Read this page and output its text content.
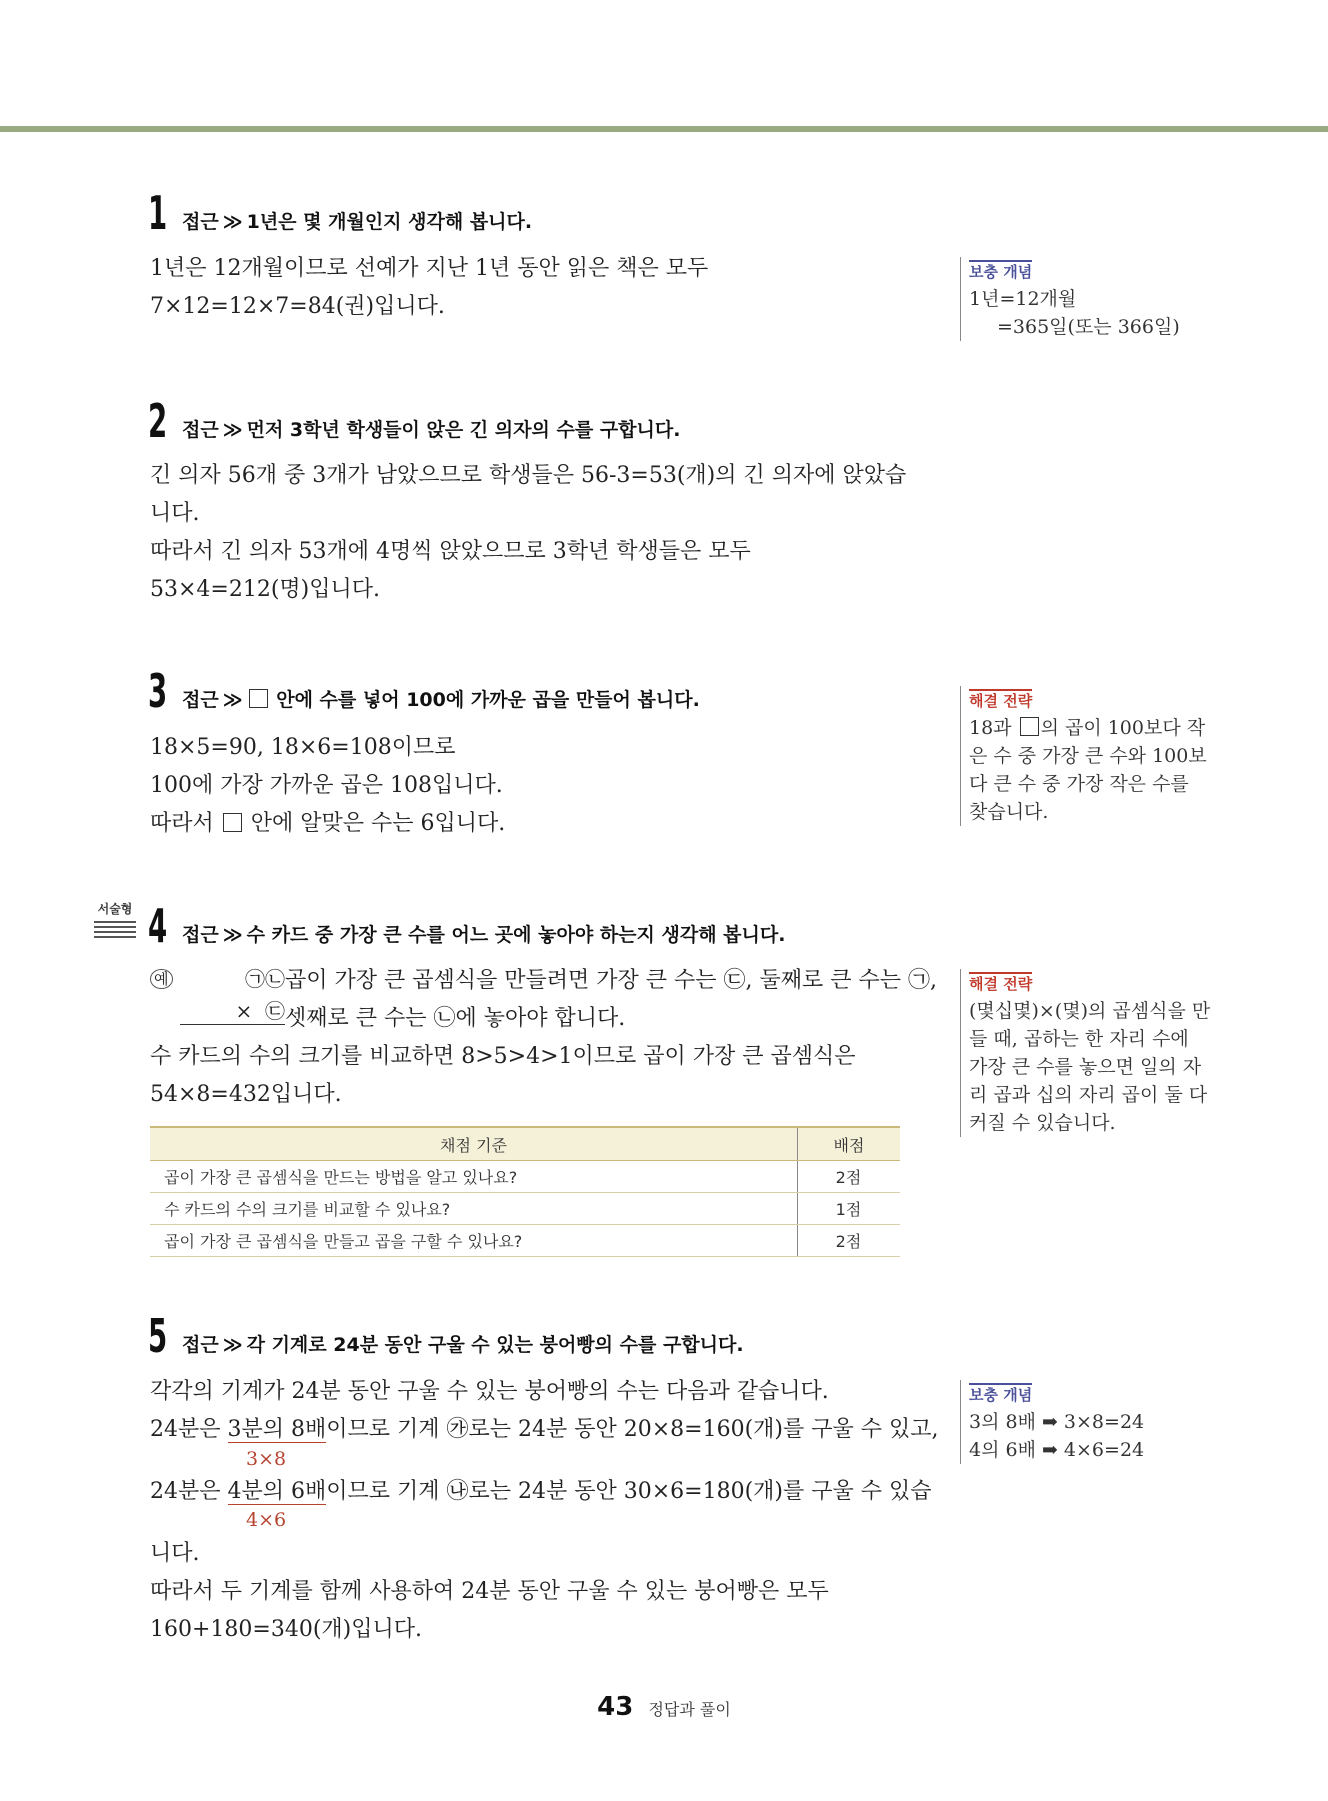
1 접근 ≫ 1년은 몇 개월인지 생각해 봅니다.
1년은 12개월이므로 선예가 지난 1년 동안 읽은 책은 모두
7×12=12×7=84(권)입니다.
보충 개념
1년=12개월
=365일(또는 366일)
2 접근 ≫ 먼저 3학년 학생들이 앉은 긴 의자의 수를 구합니다.
긴 의자 56개 중 3개가 남았으므로 학생들은 56-3=53(개)의 긴 의자에 앉았습
니다.
따라서 긴 의자 53개에 4명씩 앉았으므로 3학년 학생들은 모두
53×4=212(명)입니다.
3 접근 ≫ 안에 수를 넣어 100에 가까운 곱을 만들어 봅니다.
18×5=90, 18×6=108이므로
100에 가장 가까운 곱은 108입니다.
따라서 안에 알맞은 수는 6입니다.
해결 전략
18과 의 곱이 100보다 작
은 수 중 가장 큰 수와 100보
다 큰 수 중 가장 작은 수를
찾습니다.
서술형 4 접근 ≫ 수 카드 중 가장 큰 수를 어느 곳에 놓아야 하는지 생각해 봅니다.
예	㉠㉡
×  ㉢
곱이 가장 큰 곱셈식을 만들려면 가장 큰 수는 ㉢, 둘째로 큰 수는 ㉠,
셋째로 큰 수는 ㉡에 놓아야 합니다.
수 카드의 수의 크기를 비교하면 8>5>4>1이므로 곱이 가장 큰 곱셈식은
54×8=432입니다.
해결 전략
(몇십몇)×(몇)의 곱셈식을 만
들 때, 곱하는 한 자리 수에
가장 큰 수를 놓으면 일의 자
리 곱과 십의 자리 곱이 둘 다
커질 수 있습니다.
채점 기준	배점
곱이 가장 큰 곱셈식을 만드는 방법을 알고 있나요?	2점
수 카드의 수의 크기를 비교할 수 있나요?	1점
곱이 가장 큰 곱셈식을 만들고 곱을 구할 수 있나요?	2점
5 접근 ≫ 각 기계로 24분 동안 구울 수 있는 붕어빵의 수를 구합니다.
각각의 기계가 24분 동안 구울 수 있는 붕어빵의 수는 다음과 같습니다.
24분은 3분의 8배이므로 기계 ㉮로는 24분 동안 20×8=160(개)를 구울 수 있고,
24분은 4분의 6배이므로 기계 ㉯로는 24분 동안 30×6=180(개)를 구울 수 있습
니다.
따라서 두 기계를 함께 사용하여 24분 동안 구울 수 있는 붕어빵은 모두
160+180=340(개)입니다.
3×8
4×6
보충 개념
3의 8배 ➡ 3×8=24
4의 6배 ➡ 4×6=24
43 정답과 풀이
